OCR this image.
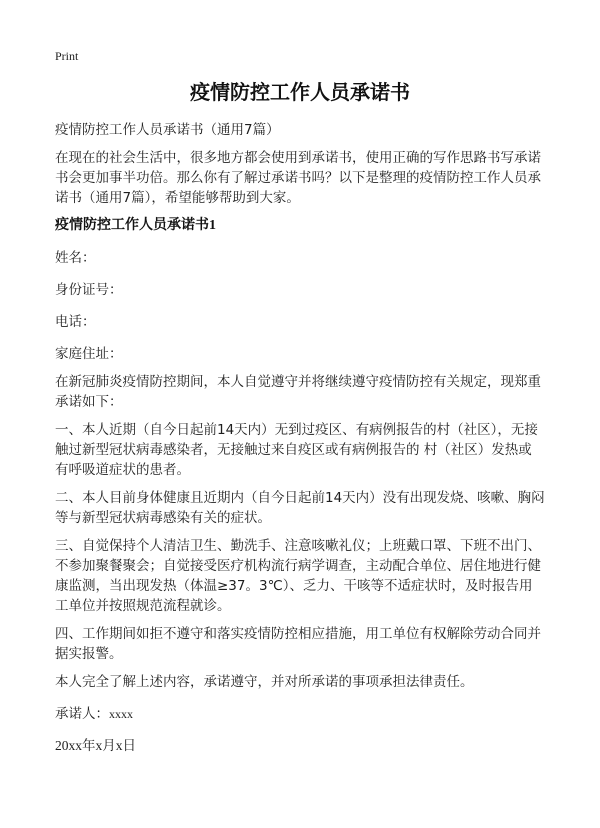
Print
疫情防控工作人员承诺书
疫情防控工作人员承诺书（通用7篇）
在现在的社会生活中，很多地方都会使用到承诺书，使用正确的写作思路书写承诺
书会更加事半功倍。那么你有了解过承诺书吗？以下是整理的疫情防控工作人员承
诺书（通用7篇），希望能够帮助到大家。
疫情防控工作人员承诺书1
姓名：
身份证号：
电话：
家庭住址：
在新冠肺炎疫情防控期间，本人自觉遵守并将继续遵守疫情防控有关规定，现郑重
承诺如下：
一、本人近期（自今日起前14天内）无到过疫区、有病例报告的村（社区），无接
触过新型冠状病毒感染者，无接触过来自疫区或有病例报告的 村（社区）发热或
有呼吸道症状的患者。
二、本人目前身体健康且近期内（自今日起前14天内）没有出现发烧、咳嗽、胸闷
等与新型冠状病毒感染有关的症状。
三、自觉保持个人清洁卫生、勤洗手、注意咳嗽礼仪；上班戴口罩、下班不出门、
不参加聚餐聚会；自觉接受医疗机构流行病学调查，主动配合单位、居住地进行健
康监测，当出现发热（体温≥37。3℃）、乏力、干咳等不适症状时，及时报告用
工单位并按照规范流程就诊。
四、工作期间如拒不遵守和落实疫情防控相应措施，用工单位有权解除劳动合同并
据实报警。
本人完全了解上述内容，承诺遵守，并对所承诺的事项承担法律责任。
承诺人：xxxx
20xx年x月x日
